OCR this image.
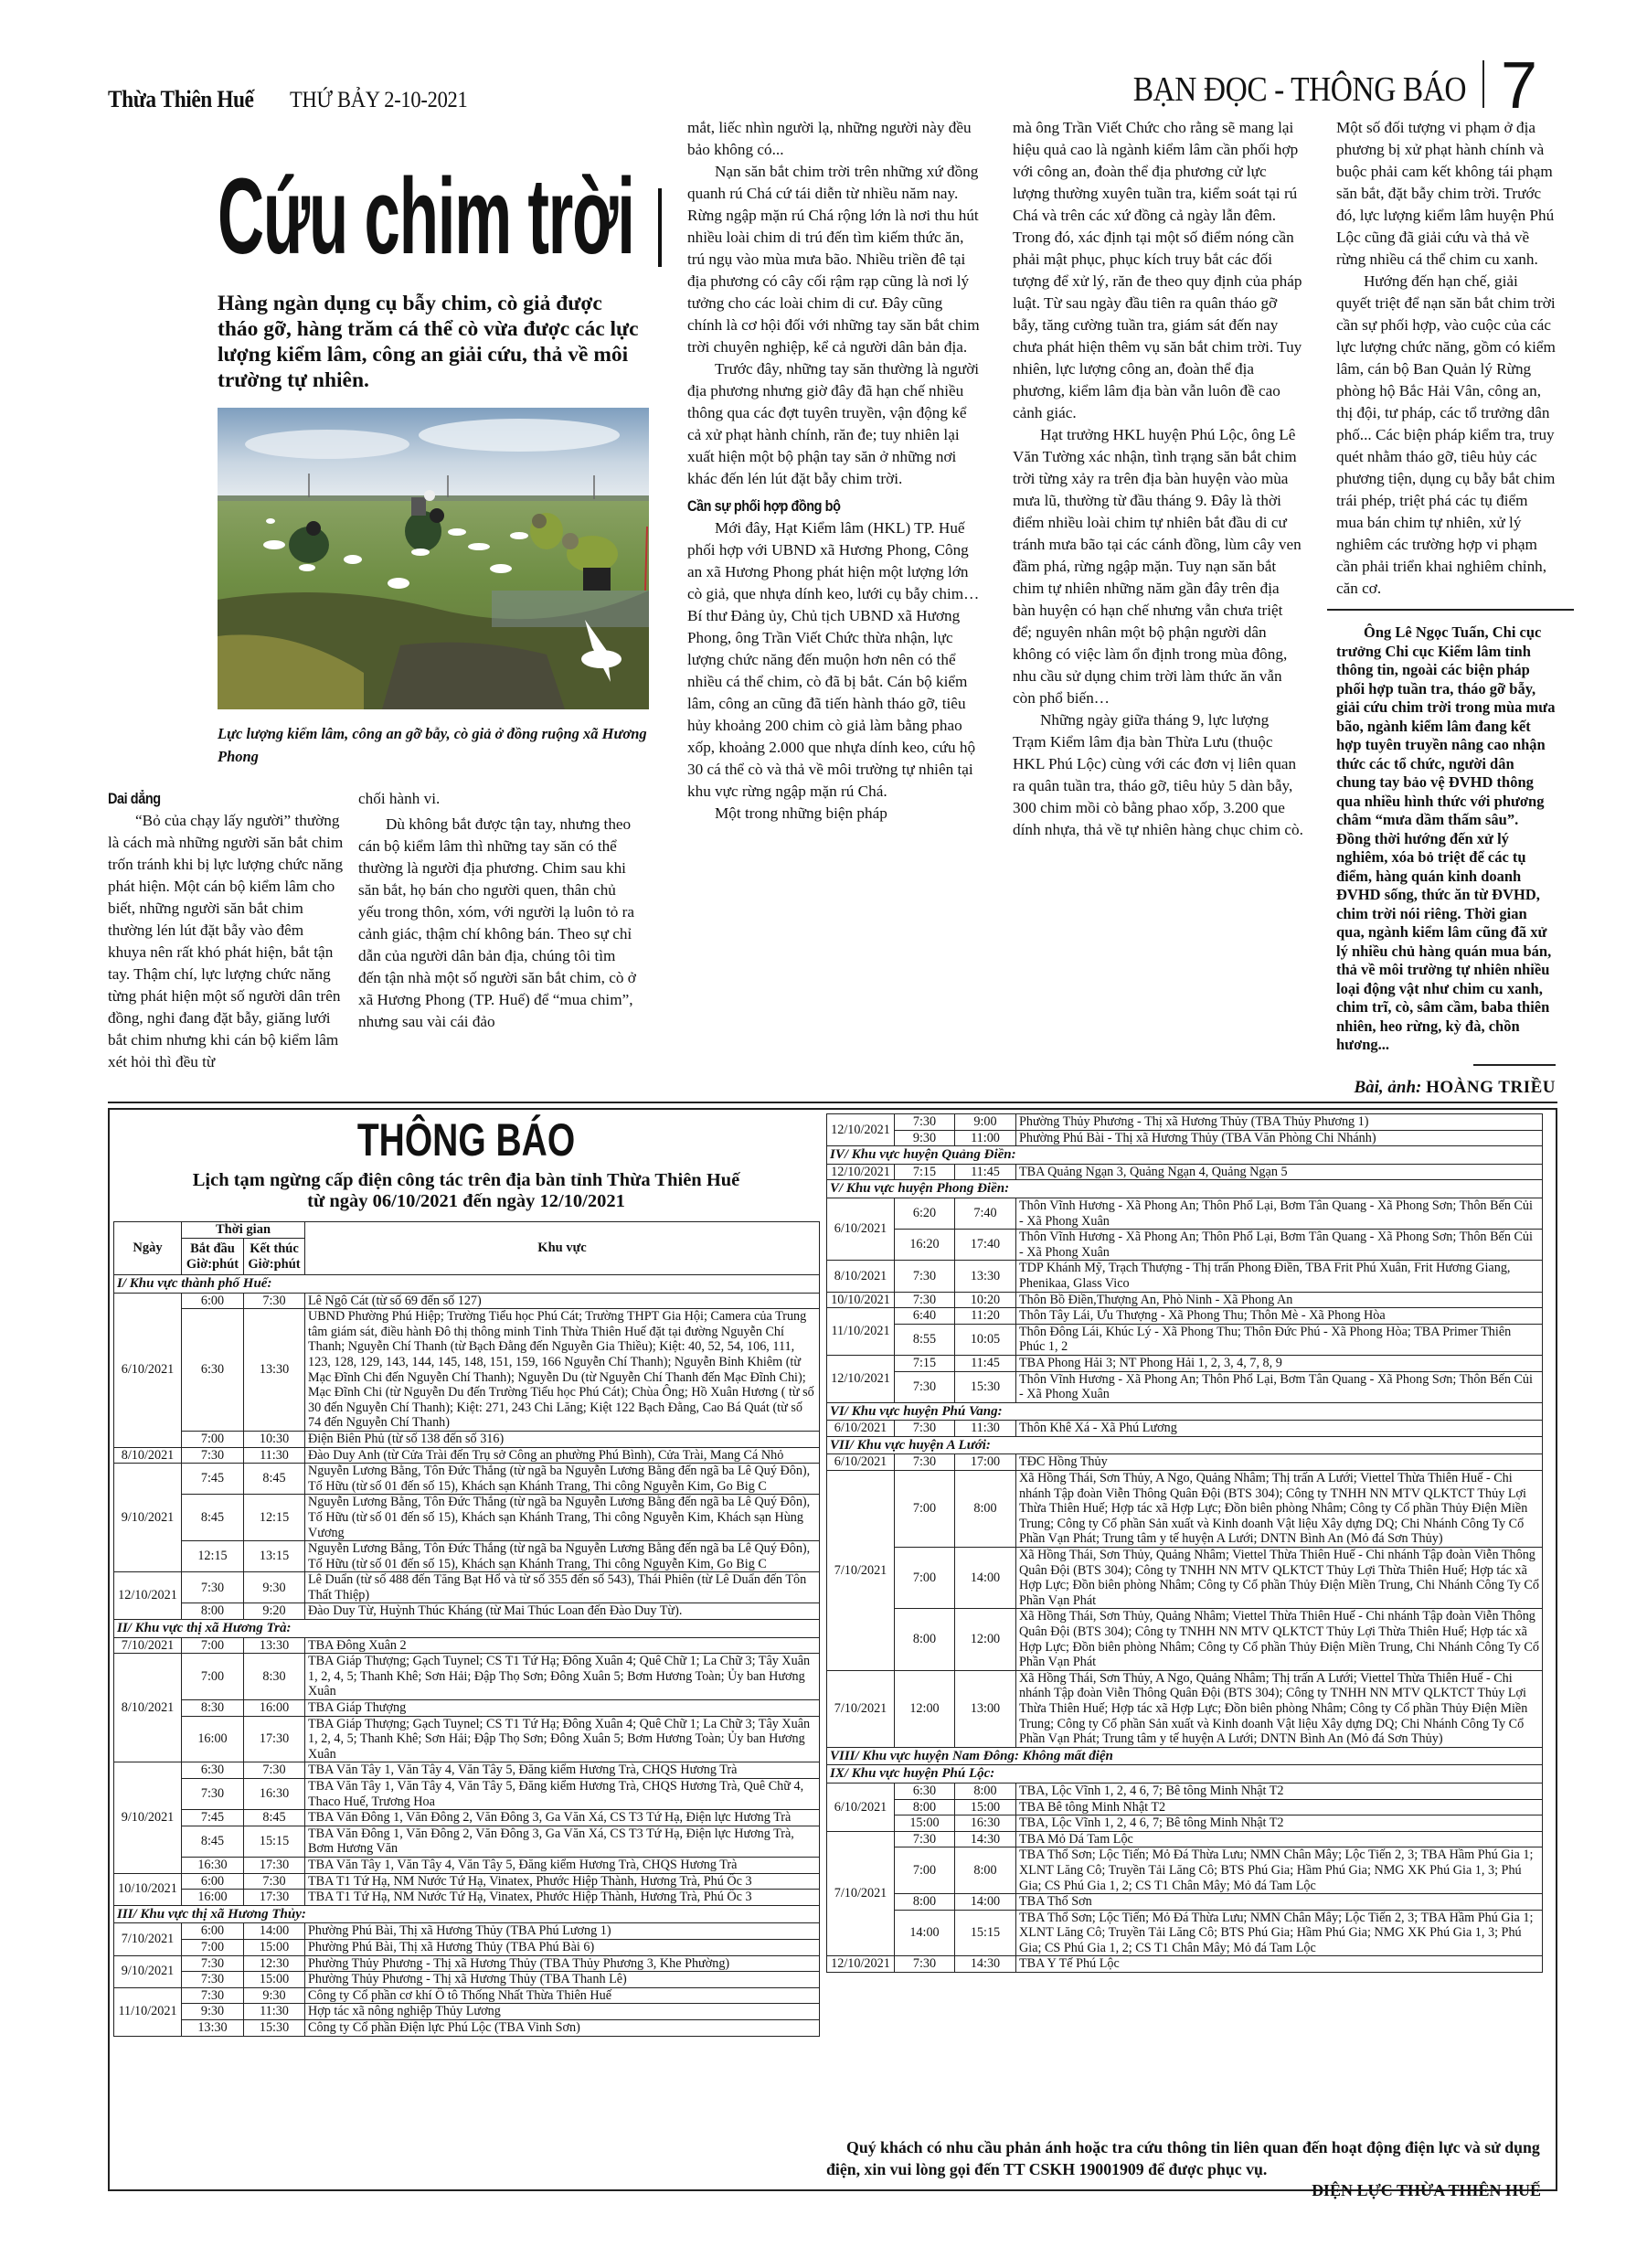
Thừa Thiên Huế THỨ BẢY 2-10-2021	BẠN ĐỌC - THÔNG BÁO 7
Cứu chim trời

Hàng ngàn dụng cụ bẫy chim, cò giả được tháo gỡ, hàng trăm cá thể cò vừa được các lực lượng kiểm lâm, công an giải cứu, thả về môi trường tự nhiên.

Lực lượng kiểm lâm, công an gỡ bẫy, cò giả ở đồng ruộng xã Hương Phong

Dai dẳng

“Bỏ của chạy lấy người” thường là cách mà những người săn bắt chim trốn tránh khi bị lực lượng chức năng phát hiện. Một cán bộ kiểm lâm cho biết, những người săn bắt chim thường lén lút đặt bẫy vào đêm khuya nên rất khó phát hiện, bắt tận tay. Thậm chí, lực lượng chức năng từng phát hiện một số người dân trên đồng, nghi đang đặt bẫy, giăng lưới bắt chim nhưng khi cán bộ kiểm lâm xét hỏi thì đều từ

chối hành vi.

Dù không bắt được tận tay, nhưng theo cán bộ kiểm lâm thì những tay săn có thể thường là người địa phương. Chim sau khi săn bắt, họ bán cho người quen, thân chủ yếu trong thôn, xóm, với người lạ luôn tỏ ra cảnh giác, thậm chí không bán. Theo sự chỉ dẫn của người dân bản địa, chúng tôi tìm đến tận nhà một số người săn bắt chim, cò ở xã Hương Phong (TP. Huế) để “mua chim”, nhưng sau vài cái đảo

mắt, liếc nhìn người lạ, những người này đều bảo không có...

Nạn săn bắt chim trời trên những xứ đồng quanh rú Chá cứ tái diễn từ nhiều năm nay. Rừng ngập mặn rú Chá rộng lớn là nơi thu hút nhiều loài chim di trú đến tìm kiếm thức ăn, trú ngụ vào mùa mưa bão. Nhiều triền đê tại địa phương có cây cối rậm rạp cũng là nơi lý tưởng cho các loài chim di cư. Đây cũng chính là cơ hội đối với những tay săn bắt chim trời chuyên nghiệp, kể cả người dân bản địa.

Trước đây, những tay săn thường là người địa phương nhưng giờ đây đã hạn chế nhiều thông qua các đợt tuyên truyền, vận động kể cả xử phạt hành chính, răn đe; tuy nhiên lại xuất hiện một bộ phận tay săn ở những nơi khác đến lén lút đặt bẫy chim trời.

Cần sự phối hợp đồng bộ

Mới đây, Hạt Kiểm lâm (HKL) TP. Huế phối hợp với UBND xã Hương Phong, Công an xã Hương Phong phát hiện một lượng lớn cò giả, que nhựa dính keo, lưới cụ bẫy chim… Bí thư Đảng ủy, Chủ tịch UBND xã Hương Phong, ông Trần Viết Chức thừa nhận, lực lượng chức năng đến muộn hơn nên có thể nhiều cá thể chim, cò đã bị bắt. Cán bộ kiểm lâm, công an cũng đã tiến hành tháo gỡ, tiêu hủy khoảng 200 chim cò giả làm bằng phao xốp, khoảng 2.000 que nhựa dính keo, cứu hộ 30 cá thể cò và thả về môi trường tự nhiên tại khu vực rừng ngập mặn rú Chá.

Một trong những biện pháp

mà ông Trần Viết Chức cho rằng sẽ mang lại hiệu quả cao là ngành kiểm lâm cần phối hợp với công an, đoàn thể địa phương cử lực lượng thường xuyên tuần tra, kiểm soát tại rú Chá và trên các xứ đồng cả ngày lẫn đêm. Trong đó, xác định tại một số điểm nóng cần phải mật phục, phục kích truy bắt các đối tượng để xử lý, răn đe theo quy định của pháp luật. Từ sau ngày đầu tiên ra quân tháo gỡ bẫy, tăng cường tuần tra, giám sát đến nay chưa phát hiện thêm vụ săn bắt chim trời. Tuy nhiên, lực lượng công an, đoàn thể địa phương, kiểm lâm địa bàn vẫn luôn đề cao cảnh giác.

Hạt trưởng HKL huyện Phú Lộc, ông Lê Văn Tường xác nhận, tình trạng săn bắt chim trời từng xảy ra trên địa bàn huyện vào mùa mưa lũ, thường từ đầu tháng 9. Đây là thời điểm nhiều loài chim tự nhiên bắt đầu di cư tránh mưa bão tại các cánh đồng, lùm cây ven đầm phá, rừng ngập mặn. Tuy nạn săn bắt chim tự nhiên những năm gần đây trên địa bàn huyện có hạn chế nhưng vẫn chưa triệt để; nguyên nhân một bộ phận người dân không có việc làm ổn định trong mùa đông, nhu cầu sử dụng chim trời làm thức ăn vẫn còn phổ biến…

Những ngày giữa tháng 9, lực lượng Trạm Kiểm lâm địa bàn Thừa Lưu (thuộc HKL Phú Lộc) cùng với các đơn vị liên quan ra quân tuần tra, tháo gỡ, tiêu hủy 5 dàn bẫy, 300 chim mồi cò bằng phao xốp, 3.200 que dính nhựa, thả về tự nhiên hàng chục chim cò.

Một số đối tượng vi phạm ở địa phương bị xử phạt hành chính và buộc phải cam kết không tái phạm săn bắt, đặt bẫy chim trời. Trước đó, lực lượng kiểm lâm huyện Phú Lộc cũng đã giải cứu và thả về rừng nhiều cá thể chim cu xanh.

Hướng đến hạn chế, giải quyết triệt để nạn săn bắt chim trời cần sự phối hợp, vào cuộc của các lực lượng chức năng, gồm có kiểm lâm, cán bộ Ban Quản lý Rừng phòng hộ Bắc Hải Vân, công an, thị đội, tư pháp, các tổ trưởng dân phố... Các biện pháp kiểm tra, truy quét nhằm tháo gỡ, tiêu hủy các phương tiện, dụng cụ bẫy bắt chim trái phép, triệt phá các tụ điểm mua bán chim tự nhiên, xử lý nghiêm các trường hợp vi phạm cần phải triển khai nghiêm chỉnh, căn cơ.

Ông Lê Ngọc Tuấn, Chi cục trưởng Chi cục Kiểm lâm tỉnh thông tin, ngoài các biện pháp phối hợp tuần tra, tháo gỡ bẫy, giải cứu chim trời trong mùa mưa bão, ngành kiểm lâm đang kết hợp tuyên truyền nâng cao nhận thức các tổ chức, người dân chung tay bảo vệ ĐVHD thông qua nhiều hình thức với phương châm “mưa dầm thấm sâu”. Đồng thời hướng đến xử lý nghiêm, xóa bỏ triệt để các tụ điểm, hàng quán kinh doanh ĐVHD sống, thức ăn từ ĐVHD, chim trời nói riêng. Thời gian qua, ngành kiểm lâm cũng đã xử lý nhiều chủ hàng quán mua bán, thả về môi trường tự nhiên nhiều loại động vật như chim cu xanh, chim trĩ, cò, sâm cầm, baba thiên nhiên, heo rừng, kỳ đà, chồn hương...

Bài, ảnh: HOÀNG TRIỀU
THÔNG BÁO
Lịch tạm ngừng cấp điện công tác trên địa bàn tỉnh Thừa Thiên Huế
từ ngày 06/10/2021 đến ngày 12/10/2021
Ngày	Thời gian		Khu vực
	Bắt đầu Giờ:phút	Kết thúc Giờ:phút	
I/ Khu vực thành phố Huế:			
6/10/2021	6:00	7:30	Lê Ngô Cát (từ số 69 đến số 127)
	6:30	13:30	UBND Phường Phú Hiệp; Trường Tiểu học Phú Cát; Trường THPT Gia Hội; Camera của Trung tâm giám sát, điều hành Đô thị thông minh Tỉnh Thừa Thiên Huế đặt tại đường Nguyễn Chí Thanh; Nguyễn Chí Thanh (từ Bạch Đằng đến Nguyễn Gia Thiều); Kiệt: 40, 52, 54, 106, 111, 123, 128, 129, 143, 144, 145, 148, 151, 159, 166 Nguyễn Chí Thanh); Nguyễn Bỉnh Khiêm (từ Mạc Đĩnh Chi đến Nguyễn Chí Thanh); Nguyễn Du (từ Nguyễn Chí Thanh đến Mạc Đĩnh Chi); Mạc Đĩnh Chi (từ Nguyễn Du đến Trường Tiểu học Phú Cát); Chùa Ông; Hồ Xuân Hương ( từ số 30 đến Nguyễn Chí Thanh); Kiệt: 271, 243 Chi Lăng; Kiệt 122 Bạch Đằng, Cao Bá Quát (từ số 74 đến Nguyễn Chí Thanh)
	7:00	10:30	Điện Biên Phủ (từ số 138 đến số 316)
8/10/2021	7:30	11:30	Đào Duy Anh (từ Cửa Trài đến Trụ sở Công an phường Phú Bình), Cửa Trài, Mang Cá Nhỏ
9/10/2021	7:45	8:45	Nguyễn Lương Bằng, Tôn Đức Thắng (từ ngã ba Nguyễn Lương Bằng đến ngã ba Lê Quý Đôn), Tố Hữu (từ số 01 đến số 15), Khách sạn Khánh Trang, Thi công Nguyễn Kim, Go Big C
	8:45	12:15	Nguyễn Lương Bằng, Tôn Đức Thắng (từ ngã ba Nguyễn Lương Bằng đến ngã ba Lê Quý Đôn), Tố Hữu (từ số 01 đến số 15), Khách sạn Khánh Trang, Thi công Nguyễn Kim, Khách sạn Hùng Vương
	12:15	13:15	Nguyễn Lương Bằng, Tôn Đức Thắng (từ ngã ba Nguyễn Lương Bằng đến ngã ba Lê Quý Đôn), Tố Hữu (từ số 01 đến số 15), Khách sạn Khánh Trang, Thi công Nguyễn Kim, Go Big C
12/10/2021	7:30	9:30	Lê Duẩn (từ số 488 đến Tăng Bạt Hổ và từ số 355 đến số 543), Thái Phiên (từ Lê Duẩn đến Tôn Thất Thiệp)
	8:00	9:20	Đào Duy Từ, Huỳnh Thúc Kháng (từ Mai Thúc Loan đến Đào Duy Từ).
II/ Khu vực thị xã Hương Trà:			
7/10/2021	7:00	13:30	TBA Đông Xuân 2
8/10/2021	7:00	8:30	TBA Giáp Thượng; Gạch Tuynel; CS T1 Tứ Hạ; Đông Xuân 4; Quê Chữ 1; La Chữ 3; Tây Xuân 1, 2, 4, 5; Thanh Khê; Sơn Hải; Đập Thọ Sơn; Đông Xuân 5; Bơm Hương Toàn; Ủy ban Hương Xuân
	8:30	16:00	TBA Giáp Thượng
	16:00	17:30	TBA Giáp Thượng; Gạch Tuynel; CS T1 Tứ Hạ; Đông Xuân 4; Quê Chữ 1; La Chữ 3; Tây Xuân 1, 2, 4, 5; Thanh Khê; Sơn Hải; Đập Thọ Sơn; Đông Xuân 5; Bơm Hương Toàn; Ủy ban Hương Xuân
9/10/2021	6:30	7:30	TBA Văn Tây 1, Văn Tây 4, Văn Tây 5, Đăng kiểm Hương Trà, CHQS Hương Trà
	7:30	16:30	TBA Văn Tây 1, Văn Tây 4, Văn Tây 5, Đăng kiểm Hương Trà, CHQS Hương Trà, Quê Chữ 4, Thaco Huế, Trương Hoa
	7:45	8:45	TBA Văn Đông 1, Văn Đông 2, Văn Đông 3, Ga Văn Xá, CS T3 Tứ Hạ, Điện lực Hương Trà
	8:45	15:15	TBA Văn Đông 1, Văn Đông 2, Văn Đông 3, Ga Văn Xá, CS T3 Tứ Hạ, Điện lực Hương Trà, Bơm Hương Văn
	16:30	17:30	TBA Văn Tây 1, Văn Tây 4, Văn Tây 5, Đăng kiểm Hương Trà, CHQS Hương Trà
10/10/2021	6:00	7:30	TBA T1 Tứ Hạ, NM Nước Tứ Hạ, Vinatex, Phước Hiệp Thành, Hương Trà, Phú Ốc 3
	16:00	17:30	TBA T1 Tứ Hạ, NM Nước Tứ Hạ, Vinatex, Phước Hiệp Thành, Hương Trà, Phú Ốc 3
III/ Khu vực thị xã Hương Thủy:			
7/10/2021	6:00	14:00	Phường Phú Bài, Thị xã Hương Thủy (TBA Phú Lương 1)
	7:00	15:00	Phường Phú Bài, Thị xã Hương Thủy (TBA Phú Bài 6)
9/10/2021	7:30	12:30	Phường Thủy Phương - Thị xã Hương Thủy (TBA Thủy Phương 3, Khe Phường)
	7:30	15:00	Phường Thủy Phương - Thị xã Hương Thủy (TBA Thanh Lê)
11/10/2021	7:30	9:30	Công ty Cổ phần cơ khí Ô tô Thống Nhất Thừa Thiên Huế
	9:30	11:30	Hợp tác xã nông nghiệp Thủy Lương
	13:30	15:30	Công ty Cổ phần Điện lực Phú Lộc (TBA Vinh Sơn)
12/10/2021	7:30	9:00	Phường Thủy Phương - Thị xã Hương Thủy (TBA Thủy Phương 1)
	9:30	11:00	Phường Phú Bài - Thị xã Hương Thủy (TBA Văn Phòng Chi Nhánh)
IV/ Khu vực huyện Quảng Điền:			
12/10/2021	7:15	11:45	TBA Quảng Ngạn 3, Quảng Ngạn 4, Quảng Ngạn 5
V/ Khu vực huyện Phong Điền:			
6/10/2021	6:20	7:40	Thôn Vĩnh Hương - Xã Phong An; Thôn Phổ Lại, Bơm Tân Quang - Xã Phong Sơn; Thôn Bến Củi - Xã Phong Xuân
	16:20	17:40	Thôn Vĩnh Hương - Xã Phong An; Thôn Phổ Lại, Bơm Tân Quang - Xã Phong Sơn; Thôn Bến Củi - Xã Phong Xuân
8/10/2021	7:30	13:30	TDP Khánh Mỹ, Trạch Thượng - Thị trấn Phong Điền, TBA Frit Phú Xuân, Frit Hương Giang, Phenikaa, Glass Vico
10/10/2021	7:30	10:20	Thôn Bồ Điền,Thượng An, Phò Ninh - Xã Phong An
11/10/2021	6:40	11:20	Thôn Tây Lái, Ưu Thượng - Xã Phong Thu; Thôn Mè - Xã Phong Hòa
	8:55	10:05	Thôn Đông Lái, Khúc Lý - Xã Phong Thu; Thôn Đức Phú - Xã Phong Hòa; TBA Primer Thiên Phúc 1, 2
12/10/2021	7:15	11:45	TBA Phong Hải 3; NT Phong Hải 1, 2, 3, 4, 7, 8, 9
	7:30	15:30	Thôn Vĩnh Hương - Xã Phong An; Thôn Phổ Lại, Bơm Tân Quang - Xã Phong Sơn; Thôn Bến Củi - Xã Phong Xuân
VI/ Khu vực huyện Phú Vang:			
6/10/2021	7:30	11:30	Thôn Khê Xá - Xã Phú Lương
VII/ Khu vực huyện A Lưới:			
6/10/2021	7:30	17:00	TĐC Hồng Thủy
7/10/2021	7:00	8:00	Xã Hồng Thái, Sơn Thủy, A Ngo, Quảng Nhâm; Thị trấn A Lưới; Viettel Thừa Thiên Huế - Chi nhánh Tập đoàn Viễn Thông Quân Đội (BTS 304); Công ty TNHH NN MTV QLKTCT Thủy Lợi Thừa Thiên Huế; Hợp tác xã Hợp Lực; Đồn biên phòng Nhâm; Công ty Cổ phần Thủy Điện Miền Trung; Công ty Cổ phần Sản xuất và Kinh doanh Vật liệu Xây dựng DQ; Chi Nhánh Công Ty Cổ Phần Vạn Phát; Trung tâm y tế huyện A Lưới; DNTN Bình An (Mỏ đá Sơn Thủy)
	7:00	14:00	Xã Hồng Thái, Sơn Thủy, Quảng Nhâm; Viettel Thừa Thiên Huế - Chi nhánh Tập đoàn Viễn Thông Quân Đội (BTS 304); Công ty TNHH NN MTV QLKTCT Thủy Lợi Thừa Thiên Huế; Hợp tác xã Hợp Lực; Đồn biên phòng Nhâm; Công ty Cổ phần Thủy Điện Miền Trung, Chi Nhánh Công Ty Cổ Phần Vạn Phát
	8:00	12:00	Xã Hồng Thái, Sơn Thủy, Quảng Nhâm; Viettel Thừa Thiên Huế - Chi nhánh Tập đoàn Viễn Thông Quân Đội (BTS 304); Công ty TNHH NN MTV QLKTCT Thủy Lợi Thừa Thiên Huế; Hợp tác xã Hợp Lực; Đồn biên phòng Nhâm; Công ty Cổ phần Thủy Điện Miền Trung, Chi Nhánh Công Ty Cổ Phần Vạn Phát
7/10/2021	12:00	13:00	Xã Hồng Thái, Sơn Thủy, A Ngo, Quảng Nhâm; Thị trấn A Lưới; Viettel Thừa Thiên Huế - Chi nhánh Tập đoàn Viễn Thông Quân Đội (BTS 304); Công ty TNHH NN MTV QLKTCT Thủy Lợi Thừa Thiên Huế; Hợp tác xã Hợp Lực; Đồn biên phòng Nhâm; Công ty Cổ phần Thủy Điện Miền Trung; Công ty Cổ phần Sản xuất và Kinh doanh Vật liệu Xây dựng DQ; Chi Nhánh Công Ty Cổ Phần Vạn Phát; Trung tâm y tế huyện A Lưới; DNTN Bình An (Mỏ đá Sơn Thủy)
VIII/ Khu vực huyện Nam Đông: Không mất điện			
IX/ Khu vực huyện Phú Lộc:			
6/10/2021	6:30	8:00	TBA, Lộc Vĩnh 1, 2, 4 6, 7; Bê tông Minh Nhật T2
	8:00	15:00	TBA Bê tông Minh Nhật T2
	15:00	16:30	TBA, Lộc Vĩnh 1, 2, 4 6, 7; Bê tông Minh Nhật T2
7/10/2021	7:30	14:30	TBA Mỏ Dá Tam Lộc
	7:00	8:00	TBA Thổ Sơn; Lộc Tiến; Mỏ Đá Thừa Lưu; NMN Chân Mây; Lộc Tiến 2, 3; TBA Hầm Phú Gia 1; XLNT Lăng Cô; Truyền Tải Lăng Cô; BTS Phú Gia; Hầm Phú Gia; NMG XK Phú Gia 1, 3; Phú Gia; CS Phú Gia 1, 2; CS T1 Chân Mây; Mỏ đá Tam Lộc
	8:00	14:00	TBA Thổ Sơn
	14:00	15:15	TBA Thổ Sơn; Lộc Tiến; Mỏ Đá Thừa Lưu; NMN Chân Mây; Lộc Tiến 2, 3; TBA Hầm Phú Gia 1; XLNT Lăng Cô; Truyền Tải Lăng Cô; BTS Phú Gia; Hầm Phú Gia; NMG XK Phú Gia 1, 3; Phú Gia; CS Phú Gia 1, 2; CS T1 Chân Mây; Mỏ đá Tam Lộc
12/10/2021	7:30	14:30	TBA Y Tế Phú Lộc

Quý khách có nhu cầu phản ánh hoặc tra cứu thông tin liên quan đến hoạt động điện lực và sử dụng điện, xin vui lòng gọi đến TT CSKH 19001909 để được phục vụ.

ĐIỆN LỰC THỪA THIÊN HUẾ
